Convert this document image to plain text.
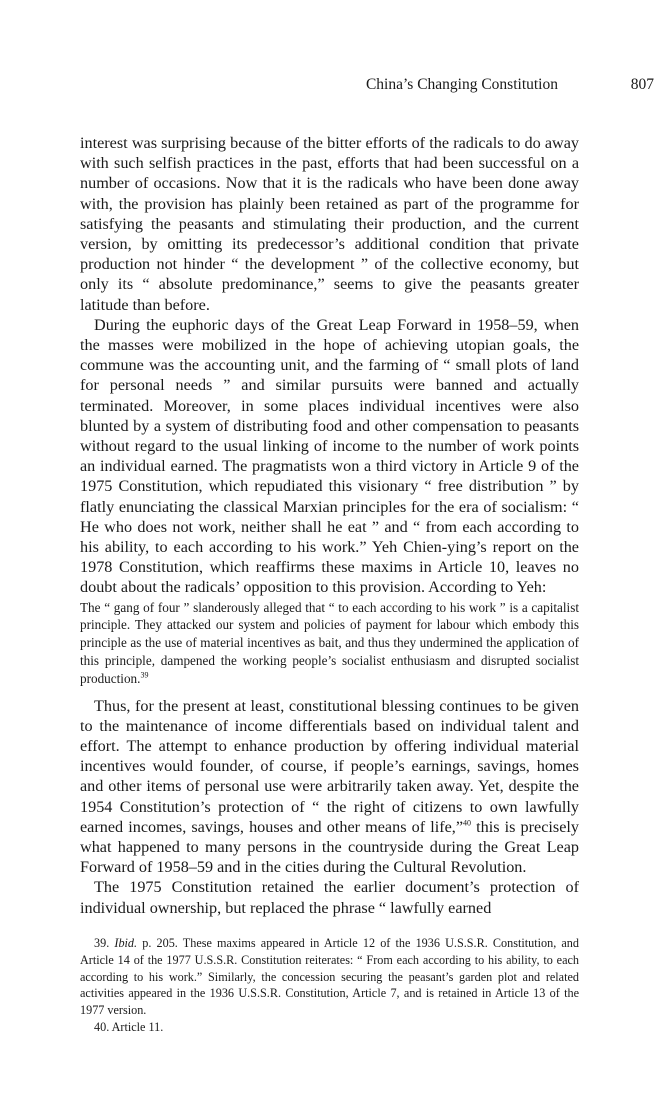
China’s Changing Constitution	807

interest was surprising because of the bitter efforts of the radicals to do away with such selfish practices in the past, efforts that had been successful on a number of occasions. Now that it is the radicals who have been done away with, the provision has plainly been retained as part of the programme for satisfying the peasants and stimulating their production, and the current version, by omitting its predecessor’s additional condition that private production not hinder “ the development ” of the collective economy, but only its “ absolute predominance,” seems to give the peasants greater latitude than before.

During the euphoric days of the Great Leap Forward in 1958–59, when the masses were mobilized in the hope of achieving utopian goals, the commune was the accounting unit, and the farming of “ small plots of land for personal needs ” and similar pursuits were banned and actually terminated. Moreover, in some places individual incentives were also blunted by a system of distributing food and other compensation to peasants without regard to the usual linking of income to the number of work points an individual earned. The pragmatists won a third victory in Article 9 of the 1975 Constitution, which repudiated this visionary “ free distribution ” by flatly enunciating the classical Marxian principles for the era of socialism: “ He who does not work, neither shall he eat ” and “ from each according to his ability, to each according to his work.” Yeh Chien-ying’s report on the 1978 Constitution, which reaffirms these maxims in Article 10, leaves no doubt about the radicals’ opposition to this provision. According to Yeh:

The “ gang of four ” slanderously alleged that “ to each according to his work ” is a capitalist principle. They attacked our system and policies of payment for labour which embody this principle as the use of material incentives as bait, and thus they undermined the application of this principle, dampened the working people’s socialist enthusiasm and disrupted socialist production.$^{39}$

Thus, for the present at least, constitutional blessing continues to be given to the maintenance of income differentials based on individual talent and effort. The attempt to enhance production by offering individual material incentives would founder, of course, if people’s earnings, savings, homes and other items of personal use were arbitrarily taken away. Yet, despite the 1954 Constitution’s protection of “ the right of citizens to own lawfully earned incomes, savings, houses and other means of life,”$^{40}$ this is precisely what happened to many persons in the countryside during the Great Leap Forward of 1958–59 and in the cities during the Cultural Revolution.

The 1975 Constitution retained the earlier document’s protection of individual ownership, but replaced the phrase “ lawfully earned

39. Ibid. p. 205. These maxims appeared in Article 12 of the 1936 U.S.S.R. Constitution, and Article 14 of the 1977 U.S.S.R. Constitution reiterates: “ From each according to his ability, to each according to his work.” Similarly, the concession securing the peasant’s garden plot and related activities appeared in the 1936 U.S.S.R. Constitution, Article 7, and is retained in Article 13 of the 1977 version.

40. Article 11.
